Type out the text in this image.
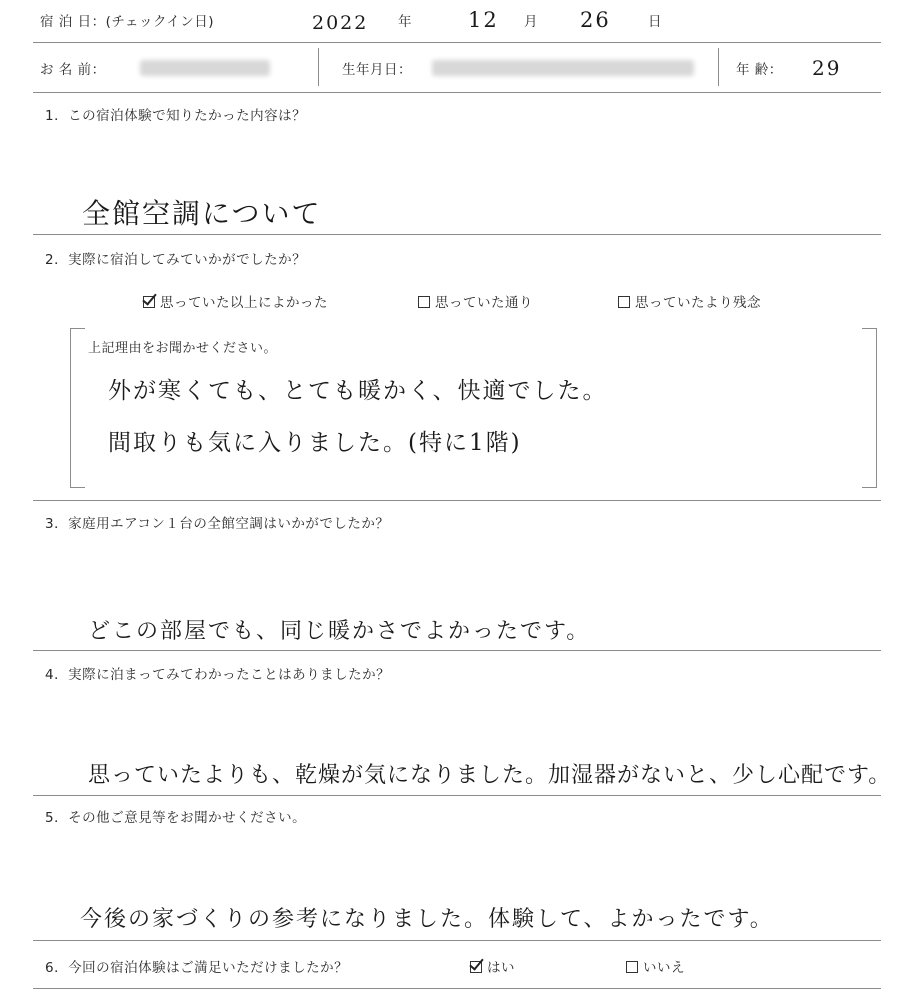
宿 泊 日：(チェックイン日)	2022 年	12 月 26	日
お 名 前：	生年月日：	年 齢： 29
1．この宿泊体験で知りたかった内容は？
全館空調について
2．実際に宿泊してみていかがでしたか？
思っていた以上によかった	思っていた通り	思っていたより残念
上記理由をお聞かせください。
外が寒くても、とても暖かく、快適でした。
間取りも気に入りました。(特に1階)
3．家庭用エアコン１台の全館空調はいかがでしたか？
どこの部屋でも、同じ暖かさでよかったです。
4．実際に泊まってみてわかったことはありましたか？
思っていたよりも、乾燥が気になりました。加湿器がないと、少し心配です。
5．その他ご意見等をお聞かせください。
今後の家づくりの参考になりました。体験して、よかったです。
6．今回の宿泊体験はご満足いただけましたか？	はい	いいえ
